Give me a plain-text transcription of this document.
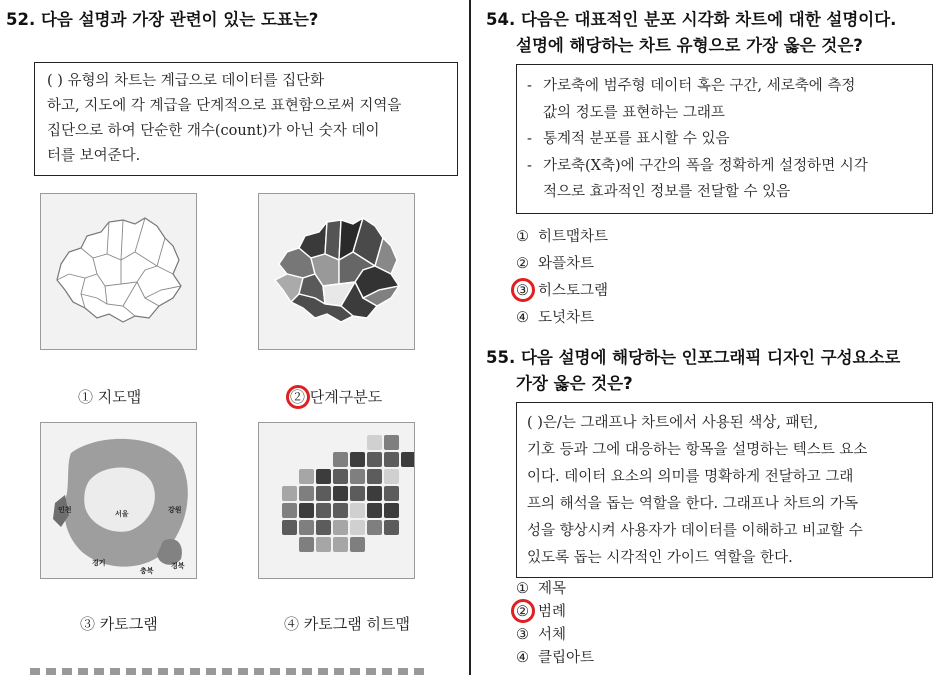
52. 다음 설명과 가장 관련이 있는 도표는?
( ) 유형의 차트는 계급으로 데이터를 집단화
하고, 지도에 각 계급을 단계적으로 표현함으로써 지역을
집단으로 하여 단순한 개수(count)가 아닌 숫자 데이
터를 보여준다.
① 지도맵	② 단계구분도
③ 카토그램
인천	서울	강원
경기
충북
경북
④ 카토그램 히트맵
54. 다음은 대표적인 분포 시각화 차트에 대한 설명이다.
설명에 해당하는 차트 유형으로 가장 옳은 것은?
- 가로축에 범주형 데이터 혹은 구간, 세로축에 측정
값의 정도를 표현하는 그래프
- 통계적 분포를 표시할 수 있음
- 가로축(X축)에 구간의 폭을 정확하게 설정하면 시각
적으로 효과적인 정보를 전달할 수 있음
① 히트맵차트
② 와플차트
③ 히스토그램
④ 도넛차트
55. 다음 설명에 해당하는 인포그래픽 디자인 구성요소로
가장 옳은 것은?
( )은/는 그래프나 차트에서 사용된 색상, 패턴,
기호 등과 그에 대응하는 항목을 설명하는 텍스트 요소
이다. 데이터 요소의 의미를 명확하게 전달하고 그래
프의 해석을 돕는 역할을 한다. 그래프나 차트의 가독
성을 향상시켜 사용자가 데이터를 이해하고 비교할 수
있도록 돕는 시각적인 가이드 역할을 한다.
① 제목
② 범례
③ 서체
④ 클립아트
